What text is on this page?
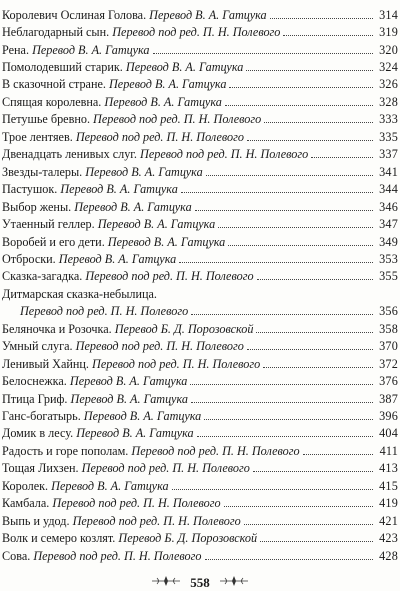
Королевич Ослиная Голова. Перевод В. А. Гатцука	314
Неблагодарный сын. Перевод под ред. П. Н. Полевого	319
Рена. Перевод В. А. Гатцука	320
Помолодевший старик. Перевод В. А. Гатцука	324
В сказочной стране. Перевод В. А. Гатцука	326
Спящая королевна. Перевод В. А. Гатцука	328
Петушье бревно. Перевод под ред. П. Н. Полевого	333
Трое лентяев. Перевод под ред. П. Н. Полевого	335
Двенадцать ленивых слуг. Перевод под ред. П. Н. Полевого	337
Звезды-талеры. Перевод В. А. Гатцука	341
Пастушок. Перевод В. А. Гатцука	344
Выбор жены. Перевод В. А. Гатцука	346
Утаенный геллер. Перевод В. А. Гатцука	347
Воробей и его дети. Перевод В. А. Гатцука	349
Отброски. Перевод В. А. Гатцука	353
Сказка-загадка. Перевод под ред. П. Н. Полевого	355
Дитмарская сказка-небылица.
Перевод под ред. П. Н. Полевого	356
Беляночка и Розочка. Перевод Б. Д. Порозовской	358
Умный слуга. Перевод под ред. П. Н. Полевого	370
Ленивый Хайнц. Перевод под ред. П. Н. Полевого	372
Белоснежка. Перевод В. А. Гатцука	376
Птица Гриф. Перевод В. А. Гатцука	387
Ганс-богатырь. Перевод В. А. Гатцука	396
Домик в лесу. Перевод В. А. Гатцука	404
Радость и горе пополам. Перевод под ред. П. Н. Полевого	411
Тощая Лихзен. Перевод под ред. П. Н. Полевого	413
Королек. Перевод В. А. Гатцука	415
Камбала. Перевод под ред. П. Н. Полевого	419
Выпь и удод. Перевод под ред. П. Н. Полевого	421
Волк и семеро козлят. Перевод Б. Д. Порозовской	423
Сова. Перевод под ред. П. Н. Полевого	428
558
